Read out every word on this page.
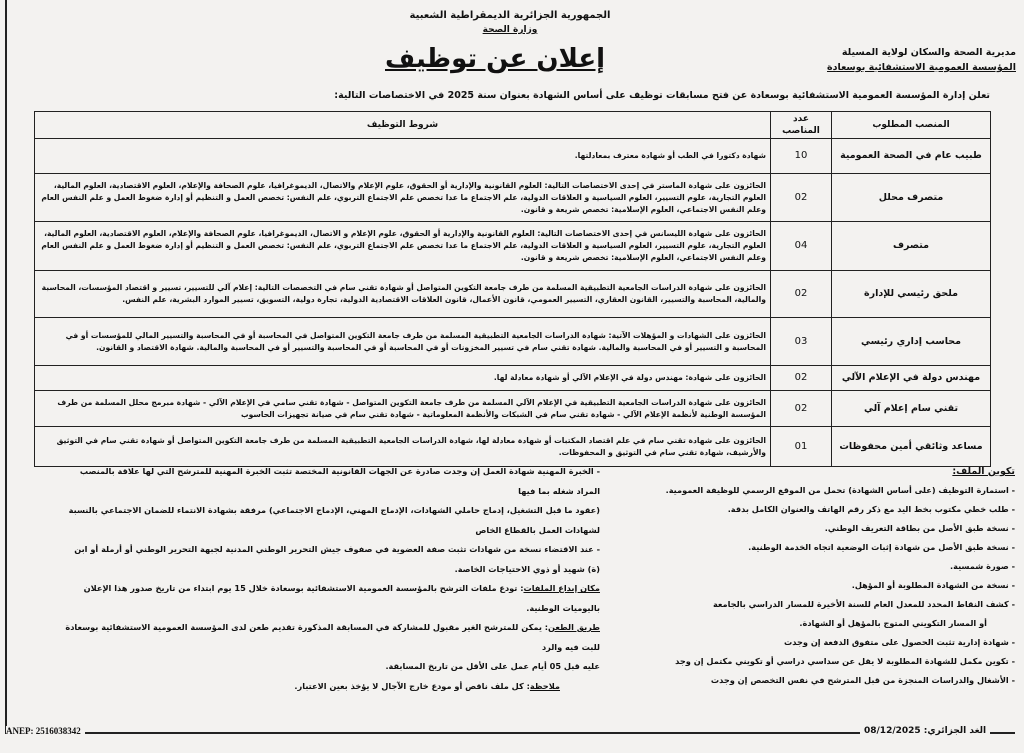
الجمهورية الجزائرية الديمقراطية الشعبية
وزارة الصحة
إعلان عن توظيف	مديرية الصحة والسكان لولاية المسيلة
المؤسسة العمومية الاستشفائية بوسعادة
تعلن إدارة المؤسسة العمومية الاستشفائية بوسعادة عن فتح مسابقات توظيف على أساس الشهادة بعنوان سنة 2025 في الاختصاصات التالية:
المنصب المطلوب	عدد المناصب	شروط التوظيف
طبيب عام في الصحة العمومية	10	شهادة دكتورا في الطب أو شهادة معترف بمعادلتها.
متصرف محلل	02	الحائزون على شهادة الماستر في إحدى الاختصاصات التالية: العلوم القانونية والإدارية أو الحقوق، علوم الإعلام والاتصال، الديموغرافيا، علوم الصحافة والإعلام، العلوم الاقتصادية، العلوم المالية، العلوم التجارية، علوم التسيير، العلوم السياسية و العلاقات الدولية، علم الاجتماع ما عدا تخصص علم الاجتماع التربوي، علم النفس: تخصص العمل و التنظيم أو إدارة ضغوط العمل و علم النفس العام وعلم النفس الاجتماعي، العلوم الإسلامية: تخصص شريعة و قانون.
متصرف	04	الحائزون على شهادة الليسانس في إحدى الاختصاصات التالية: العلوم القانونية والإدارية أو الحقوق، علوم الإعلام و الاتصال، الديموغرافيا، علوم الصحافة والإعلام، العلوم الاقتصادية، العلوم المالية، العلوم التجارية، علوم التسيير، العلوم السياسية و العلاقات الدولية، علم الاجتماع ما عدا تخصص علم الاجتماع التربوي، علم النفس: تخصص العمل و التنظيم أو إدارة ضغوط العمل و علم النفس العام وعلم النفس الاجتماعي، العلوم الإسلامية: تخصص شريعة و قانون.
ملحق رئيسي للإدارة	02	الحائزون على شهادة الدراسات الجامعية التطبيقية المسلمة من طرف جامعة التكوين المتواصل أو شهادة تقني سام في التخصصات التالية: إعلام آلي للتسيير، تسيير و اقتصاد المؤسسات، المحاسبة والمالية، المحاسبة والتسيير، القانون العقاري، التسيير العمومي، قانون الأعمال، قانون العلاقات الاقتصادية الدولية، تجارة دولية، التسويق، تسيير الموارد البشرية، علم النفس.
محاسب إداري رئيسي	03	الحائزون على الشهادات و المؤهلات الآتية: شهادة الدراسات الجامعية التطبيقية المسلمة من طرف جامعة التكوين المتواصل في المحاسبة أو في المحاسبة والتسيير المالي للمؤسسات أو في المحاسبة و التسيير أو في المحاسبة والمالية. شهادة تقني سام في تسيير المخزونات أو في المحاسبة أو في المحاسبة والتسيير أو في المحاسبة والمالية. شهادة الاقتصاد و القانون.
مهندس دولة في الإعلام الآلي	02	الحائزون على شهادة: مهندس دولة في الإعلام الآلي أو شهادة معادلة لها.
تقني سام إعلام آلي	02	الحائزون على شهادة الدراسات الجامعية التطبيقية في الإعلام الآلي المسلمة من طرف جامعة التكوين المتواصل - شهادة تقني سامي في الإعلام الآلي - شهادة مبرمج محلل المسلمة من طرف المؤسسة الوطنية لأنظمة الإعلام الآلي - شهادة تقني سام في الشبكات والأنظمة المعلوماتية - شهادة تقني سام في صيانة تجهيزات الحاسوب
مساعد وثائقي أمين محفوظات	01	الحائزون على شهادة تقني سام في علم اقتصاد المكتبات أو شهادة معادلة لها، شهادة الدراسات الجامعية التطبيقية المسلمة من طرف جامعة التكوين المتواصل أو شهادة تقني سام في التوثيق والأرشيف، شهادة تقني سام في التوثيق و المحفوظات.
تكوين الملف:
- استمارة التوظيف (على أساس الشهادة) تحمل من الموقع الرسمي للوظيفة العمومية.
- طلب خطي مكتوب بخط اليد مع ذكر رقم الهاتف والعنوان الكامل بدقة.
- نسخة طبق الأصل من بطاقة التعريف الوطني.
- نسخة طبق الأصل من شهادة إثبات الوضعية اتجاه الخدمة الوطنية.
- صورة شمسية.
- نسخة من الشهادة المطلوبة أو المؤهل.
- كشف النقاط المحدد للمعدل العام للسنة الأخيرة للمسار الدراسي بالجامعة
أو المسار التكويني المتوج بالمؤهل أو الشهادة.
- شهادة إدارية تثبت الحصول على متفوق الدفعة إن وجدت
- تكوين مكمل للشهادة المطلوبة لا يقل عن سداسي دراسي أو تكويني مكتمل إن وجد
- الأشغال والدراسات المنجزة من قبل المترشح في نفس التخصص إن وجدت
- الخبرة المهنية شهادة العمل إن وجدت صادرة عن الجهات القانونية المختصة تثبت الخبرة المهنية للمترشح التي لها علاقة بالمنصب المراد شغله بما فيها
(عقود ما قبل التشغيل، إدماج حاملي الشهادات، الإدماج المهني، الإدماج الاجتماعي) مرفقة بشهادة الانتماء للضمان الاجتماعي بالنسبة لشهادات العمل بالقطاع الخاص
- عند الاقتضاء نسخة من شهادات تثبت صفة العضوية في صفوف جيش التحرير الوطني المدنية لجبهة التحرير الوطني أو أرملة أو ابن (ة) شهيد أو ذوي الاحتياجات الخاصة.
مكان إيداع الملفات: تودع ملفات الترشح بالمؤسسة العمومية الاستشفائية بوسعادة خلال 15 يوم ابتداء من تاريخ صدور هذا الإعلان باليوميات الوطنية.
طريق الطعن: يمكن للمترشح الغير مقبول للمشاركة في المسابقة المذكورة تقديم طعن لدى المؤسسة العمومية الاستشفائية بوسعادة للبت فيه والرد
عليه قبل 05 أيام عمل على الأقل من تاريخ المسابقة.
ملاحظة: كل ملف ناقص أو مودع خارج الآجال لا يؤخذ بعين الاعتبار.
الغد الجزائري: 08/12/2025
ANEP: 2516038342
